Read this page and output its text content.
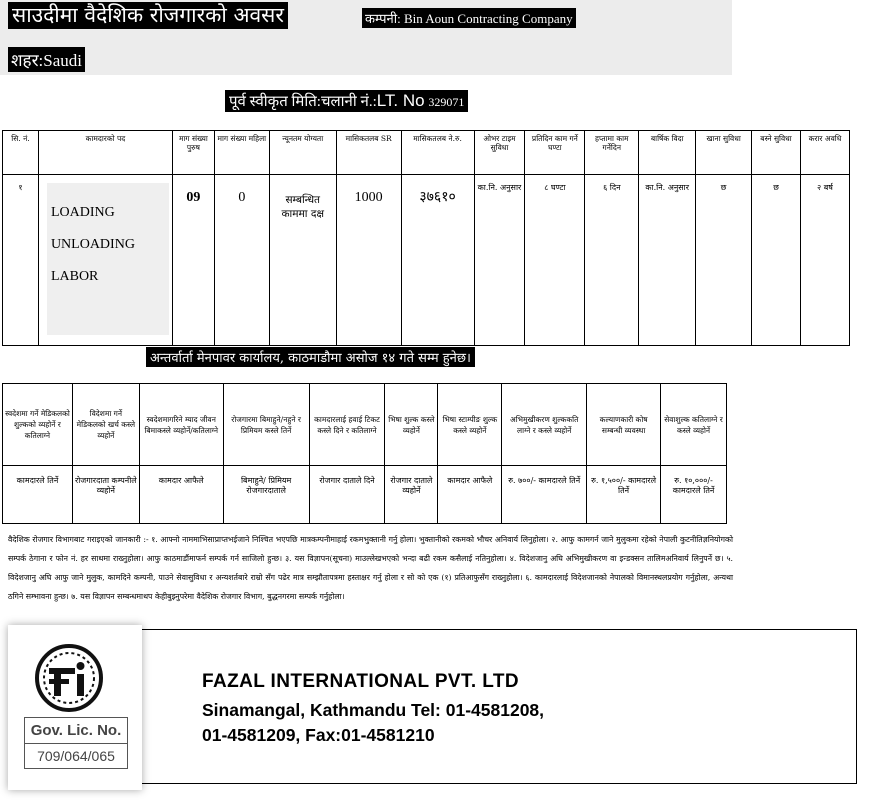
साउदीमा वैदेशिक रोजगारको अवसर	कम्पनी: Bin Aoun Contracting Company
शहर:Saudi
पूर्व स्वीकृत मिति:चलानी नं.:LT. No 329071
सि. नं.	कामदारको पद	माग संख्या पुरुष	माग संख्या महिला	न्यूनतम योग्यता	मासिकतलब SR	मासिकतलब ने.रु.	ओभर टाइम सुविधा	प्रतिदिन काम गर्ने घण्टा	हप्तामा काम गर्नेदिन	बार्षिक विदा	खाना सुविधा	बस्ने सुविधा	करार अवधि
१	LOADING
UNLOADING
LABOR	09	0	सम्बन्धित काममा दक्ष	1000	३७६१०	का.नि. अनुसार	८ घण्टा	६ दिन	का.नि. अनुसार	छ	छ	२ बर्ष
अन्तर्वार्ता मेनपावर कार्यालय, काठमाडौमा असोज १४ गते सम्म हुनेछ।
स्वदेशमा गर्ने मेडिकलको शुल्कको व्यहोर्ने र कतिलाग्ने	विदेशमा गर्ने मेडिकलको खर्च कस्ले व्यहोर्ने	स्वदेशमागरिने म्याद जीवन बिमाकस्ले व्यहोर्ने/कतिलाग्ने	रोजगारमा बिमाहुने/नहुने र प्रिमियम कस्ले तिर्ने	कामदारलाई हवाई टिकट कस्ले दिने र कतिलाग्ने	भिषा शुल्क कस्ले व्यहोर्ने	भिषा स्टाम्पीङ शुल्क कस्ले व्यहोर्ने	अभिमुखीकरण शुल्ककति लाग्ने र कस्ले व्यहोर्ने	कल्याणकारी कोष सम्बन्धी व्यवस्था	सेवाशुल्क कतिलाग्ने र कस्ले व्यहोर्ने
कामदारले तिर्ने	रोजगारदाता कम्पनीले व्यहोर्ने	कामदार आफैले	बिमाहुने/ प्रिमियम रोजगारदाताले	रोजगार दाताले दिने	रोजगार दाताले व्यहोर्ने	कामदार आफैले	रु. ७००/- कामदारले तिर्ने	रु. १,५००/- कामदारले तिर्ने	रु. १०,०००/- कामदारले तिर्ने
वैदेशिक रोजगार विभागबाट गराइएको जानकारी :- १. आफ्नो नाममाभिसाप्राप्तभईजाने निश्चित भएपछि मात्रकम्पनीमाहाई रकमभुक्तानी गर्नु होला। भुक्तानीको रकमको भौचर अनिवार्य लिनुहोला। २. आफु कामगर्न जाने मुलुकमा रहेको नेपाली कुटनीतिज्ञनियोगको सम्पर्क ठेगाना र फोन नं. हर साथमा राख्नुहोला। आफु काठमाडौंमाफर्न सम्पर्क गर्न साजिलो हुन्छ। ३. यस विज्ञापन(सूचना) माउल्लेखभएको भन्दा बढी रकम कसैलाई नतिनुहोला। ४. विदेशजानु अघि अभिमुखीकरण वा इन्डक्सन तालिमअनिवार्य लिनुपर्ने छ। ५. विदेशजानु अघि आफु जाने मुलुक, कामदिने कम्पनी, पाउने सेवासुविधा र अन्यशर्तबारे राम्रो सँग पढेर मात्र सम्झौतापत्रमा हस्ताक्षर गर्नु होला र सो को एक (१) प्रतिआफुसँग राख्नुहोला। ६. कामदारलाई विदेशजानको नेपालको विमानस्थलप्रयोग गर्नुहोला, अन्यथा ठगिने सम्भावना हुन्छ। ७. यस विज्ञापन सम्बन्धमाथप केहीबुझ्नुपरेमा वैदेशिक रोजगार विभाग, बुद्धनगरमा सम्पर्क गर्नुहोला।
Gov. Lic. No.
709/064/065
FAZAL INTERNATIONAL PVT. LTD
Sinamangal, Kathmandu Tel: 01-4581208,
01-4581209, Fax:01-4581210
